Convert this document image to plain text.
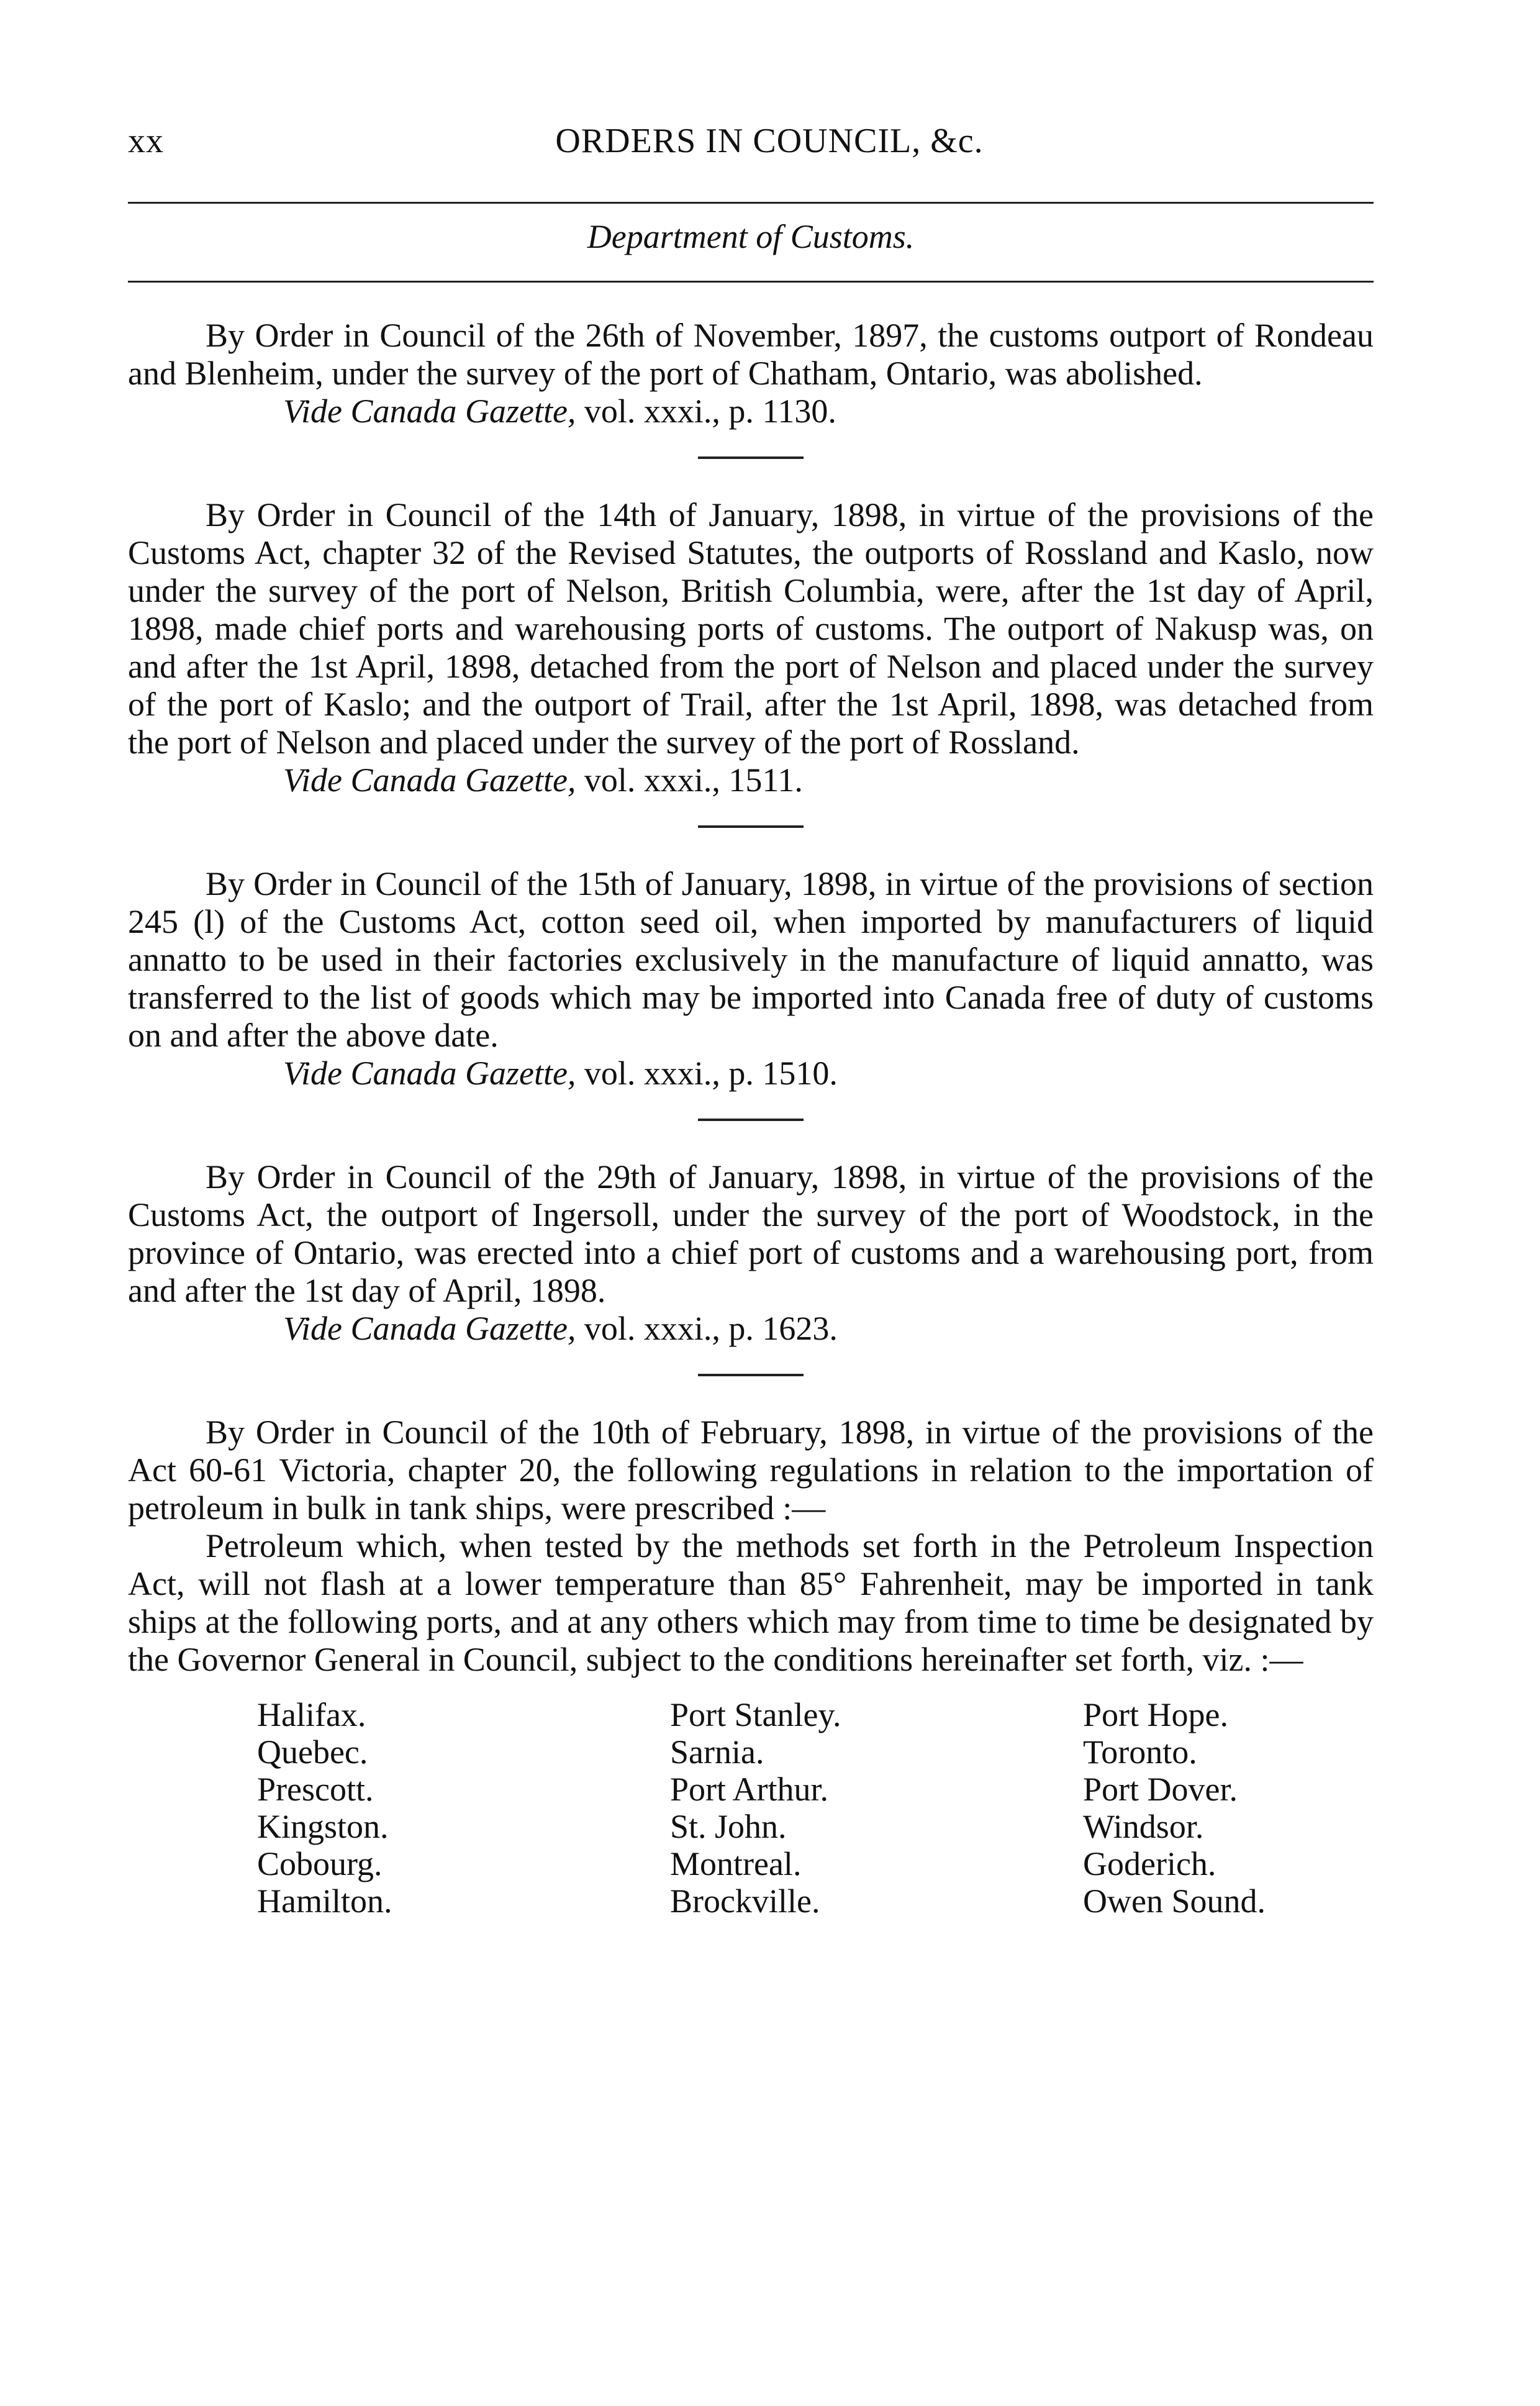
xx	ORDERS IN COUNCIL, &c.
Department of Customs.

By Order in Council of the 26th of November, 1897, the customs outport of Rondeau and Blenheim, under the survey of the port of Chatham, Ontario, was abolished.

Vide Canada Gazette, vol. xxxi., p. 1130.

By Order in Council of the 14th of January, 1898, in virtue of the provisions of the Customs Act, chapter 32 of the Revised Statutes, the outports of Rossland and Kaslo, now under the survey of the port of Nelson, British Columbia, were, after the 1st day of April, 1898, made chief ports and warehousing ports of customs. The outport of Nakusp was, on and after the 1st April, 1898, detached from the port of Nelson and placed under the survey of the port of Kaslo; and the outport of Trail, after the 1st April, 1898, was detached from the port of Nelson and placed under the survey of the port of Rossland.

Vide Canada Gazette, vol. xxxi., 1511.

By Order in Council of the 15th of January, 1898, in virtue of the provisions of section 245 (l) of the Customs Act, cotton seed oil, when imported by manufacturers of liquid annatto to be used in their factories exclusively in the manufacture of liquid annatto, was transferred to the list of goods which may be imported into Canada free of duty of customs on and after the above date.

Vide Canada Gazette, vol. xxxi., p. 1510.

By Order in Council of the 29th of January, 1898, in virtue of the provisions of the Customs Act, the outport of Ingersoll, under the survey of the port of Woodstock, in the province of Ontario, was erected into a chief port of customs and a warehousing port, from and after the 1st day of April, 1898.

Vide Canada Gazette, vol. xxxi., p. 1623.

By Order in Council of the 10th of February, 1898, in virtue of the provisions of the Act 60-61 Victoria, chapter 20, the following regulations in relation to the importation of petroleum in bulk in tank ships, were prescribed :—

Petroleum which, when tested by the methods set forth in the Petroleum Inspection Act, will not flash at a lower temperature than 85° Fahrenheit, may be imported in tank ships at the following ports, and at any others which may from time to time be designated by the Governor General in Council, subject to the conditions hereinafter set forth, viz. :—

Halifax.
Quebec.
Prescott.
Kingston.
Cobourg.
Hamilton.
Port Stanley.
Sarnia.
Port Arthur.
St. John.
Montreal.
Brockville.
Port Hope.
Toronto.
Port Dover.
Windsor.
Goderich.
Owen Sound.
